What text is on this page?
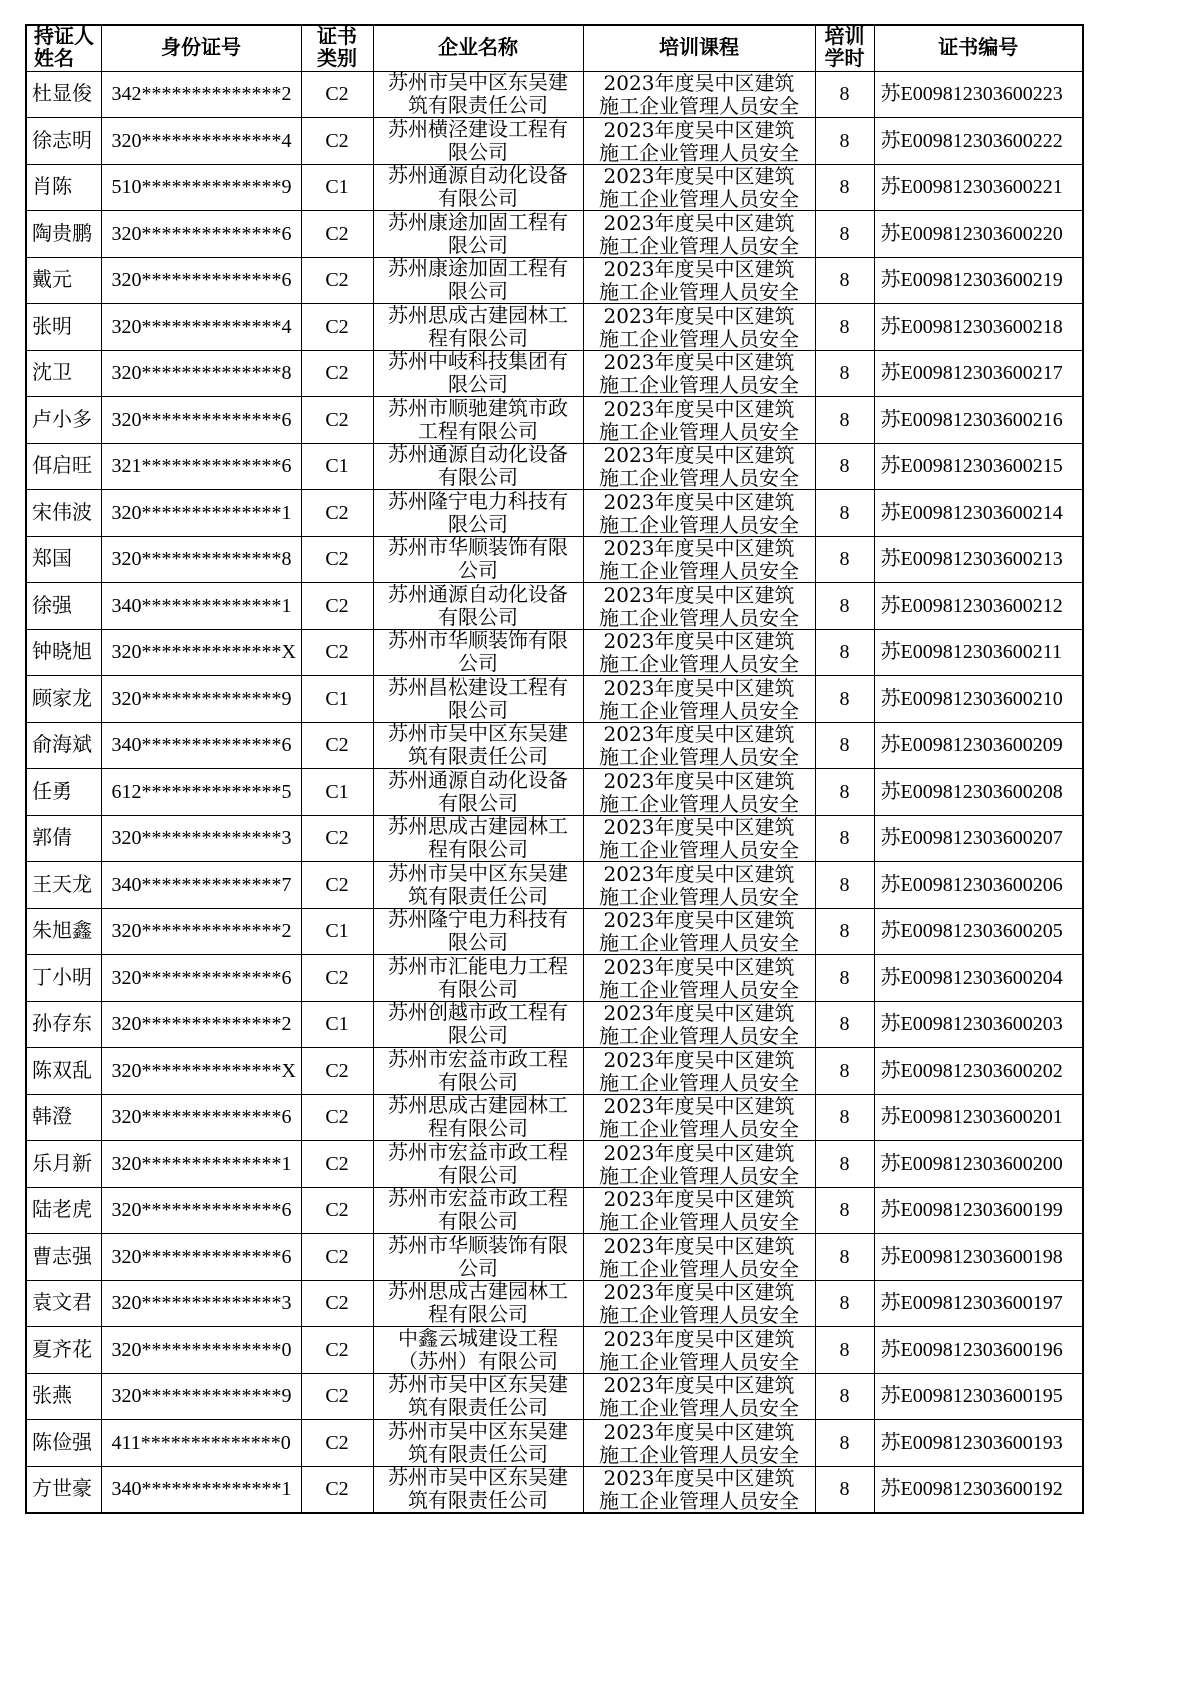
持证人姓名	身份证号	证书类别	企业名称	培训课程	培训学时	证书编号
杜显俊	342**************2	C2	苏州市吴中区东吴建筑有限责任公司	2023年度吴中区建筑施工企业管理人员安全	8	苏E009812303600223
徐志明	320**************4	C2	苏州横泾建设工程有限公司	2023年度吴中区建筑施工企业管理人员安全	8	苏E009812303600222
肖陈	510**************9	C1	苏州通源自动化设备有限公司	2023年度吴中区建筑施工企业管理人员安全	8	苏E009812303600221
陶贵鹏	320**************6	C2	苏州康途加固工程有限公司	2023年度吴中区建筑施工企业管理人员安全	8	苏E009812303600220
戴元	320**************6	C2	苏州康途加固工程有限公司	2023年度吴中区建筑施工企业管理人员安全	8	苏E009812303600219
张明	320**************4	C2	苏州思成古建园林工程有限公司	2023年度吴中区建筑施工企业管理人员安全	8	苏E009812303600218
沈卫	320**************8	C2	苏州中岐科技集团有限公司	2023年度吴中区建筑施工企业管理人员安全	8	苏E009812303600217
卢小多	320**************6	C2	苏州市顺驰建筑市政工程有限公司	2023年度吴中区建筑施工企业管理人员安全	8	苏E009812303600216
佴启旺	321**************6	C1	苏州通源自动化设备有限公司	2023年度吴中区建筑施工企业管理人员安全	8	苏E009812303600215
宋伟波	320**************1	C2	苏州隆宁电力科技有限公司	2023年度吴中区建筑施工企业管理人员安全	8	苏E009812303600214
郑国	320**************8	C2	苏州市华顺装饰有限公司	2023年度吴中区建筑施工企业管理人员安全	8	苏E009812303600213
徐强	340**************1	C2	苏州通源自动化设备有限公司	2023年度吴中区建筑施工企业管理人员安全	8	苏E009812303600212
钟晓旭	320**************X	C2	苏州市华顺装饰有限公司	2023年度吴中区建筑施工企业管理人员安全	8	苏E009812303600211
顾家龙	320**************9	C1	苏州昌松建设工程有限公司	2023年度吴中区建筑施工企业管理人员安全	8	苏E009812303600210
俞海斌	340**************6	C2	苏州市吴中区东吴建筑有限责任公司	2023年度吴中区建筑施工企业管理人员安全	8	苏E009812303600209
任勇	612**************5	C1	苏州通源自动化设备有限公司	2023年度吴中区建筑施工企业管理人员安全	8	苏E009812303600208
郭倩	320**************3	C2	苏州思成古建园林工程有限公司	2023年度吴中区建筑施工企业管理人员安全	8	苏E009812303600207
王天龙	340**************7	C2	苏州市吴中区东吴建筑有限责任公司	2023年度吴中区建筑施工企业管理人员安全	8	苏E009812303600206
朱旭鑫	320**************2	C1	苏州隆宁电力科技有限公司	2023年度吴中区建筑施工企业管理人员安全	8	苏E009812303600205
丁小明	320**************6	C2	苏州市汇能电力工程有限公司	2023年度吴中区建筑施工企业管理人员安全	8	苏E009812303600204
孙存东	320**************2	C1	苏州创越市政工程有限公司	2023年度吴中区建筑施工企业管理人员安全	8	苏E009812303600203
陈双乱	320**************X	C2	苏州市宏益市政工程有限公司	2023年度吴中区建筑施工企业管理人员安全	8	苏E009812303600202
韩澄	320**************6	C2	苏州思成古建园林工程有限公司	2023年度吴中区建筑施工企业管理人员安全	8	苏E009812303600201
乐月新	320**************1	C2	苏州市宏益市政工程有限公司	2023年度吴中区建筑施工企业管理人员安全	8	苏E009812303600200
陆老虎	320**************6	C2	苏州市宏益市政工程有限公司	2023年度吴中区建筑施工企业管理人员安全	8	苏E009812303600199
曹志强	320**************6	C2	苏州市华顺装饰有限公司	2023年度吴中区建筑施工企业管理人员安全	8	苏E009812303600198
袁文君	320**************3	C2	苏州思成古建园林工程有限公司	2023年度吴中区建筑施工企业管理人员安全	8	苏E009812303600197
夏齐花	320**************0	C2	中鑫云城建设工程（苏州）有限公司	2023年度吴中区建筑施工企业管理人员安全	8	苏E009812303600196
张燕	320**************9	C2	苏州市吴中区东吴建筑有限责任公司	2023年度吴中区建筑施工企业管理人员安全	8	苏E009812303600195
陈俭强	411**************0	C2	苏州市吴中区东吴建筑有限责任公司	2023年度吴中区建筑施工企业管理人员安全	8	苏E009812303600193
方世豪	340**************1	C2	苏州市吴中区东吴建筑有限责任公司	2023年度吴中区建筑施工企业管理人员安全	8	苏E009812303600192
